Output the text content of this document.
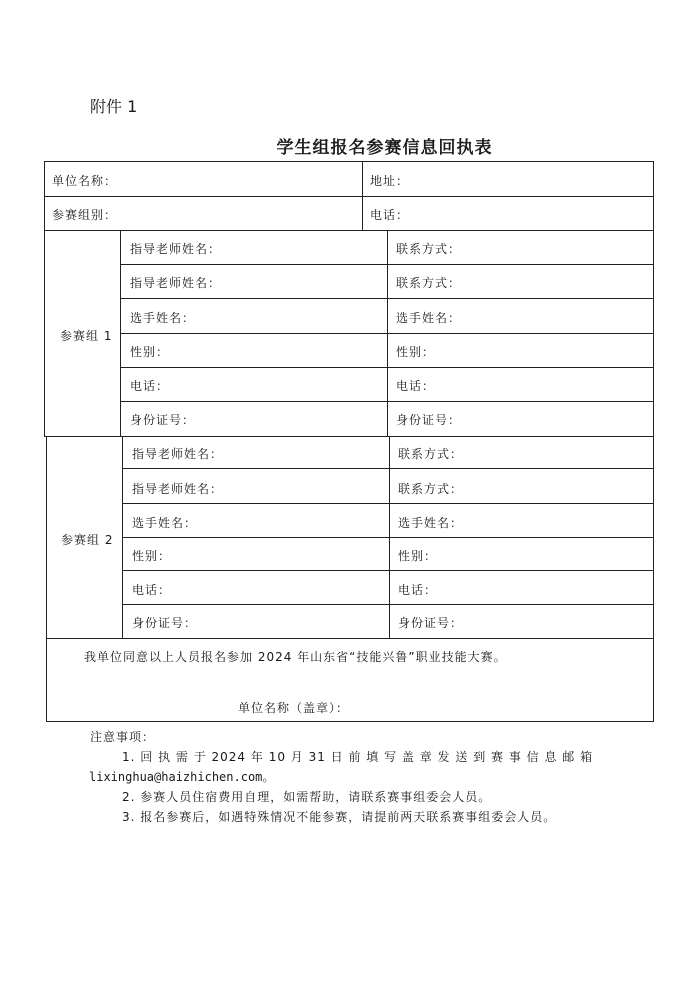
附件 1
学生组报名参赛信息回执表
单位名称：	地址：
参赛组别：	电话：
参赛组 1
指导老师姓名：	联系方式：
指导老师姓名：	联系方式：
选手姓名：	选手姓名：
性别：	性别：
电话：	电话：
身份证号：	身份证号：
参赛组 2
指导老师姓名：	联系方式：
指导老师姓名：	联系方式：
选手姓名：	选手姓名：
性别：	性别：
电话：	电话：
身份证号：	身份证号：
我单位同意以上人员报名参加 2024 年山东省“技能兴鲁”职业技能大赛。
单位名称（盖章）：
注意事项：
1. 回 执 需 于 2024 年 10 月 31 日 前 填 写 盖 章 发 送 到 赛 事 信 息 邮 箱
lixinghua@haizhichen.com。
2. 参赛人员住宿费用自理，如需帮助，请联系赛事组委会人员。
3. 报名参赛后，如遇特殊情况不能参赛，请提前两天联系赛事组委会人员。
